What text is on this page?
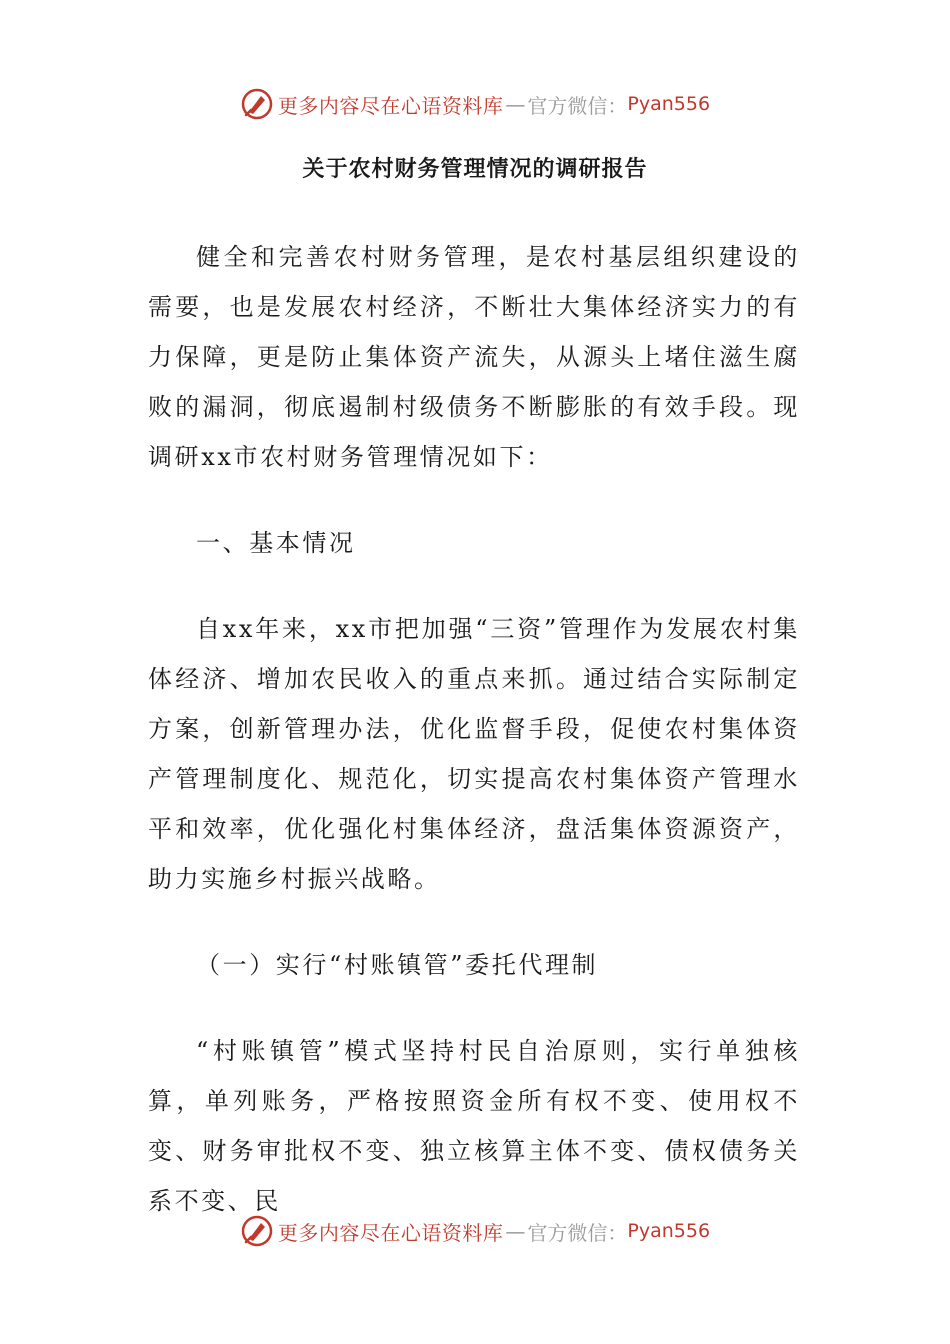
更多内容尽在心语资料库 — 官方微信： Pyan556
关于农村财务管理情况的调研报告

健全和完善农村财务管理，是农村基层组织建设的需要，也是发展农村经济，不断壮大集体经济实力的有力保障，更是防止集体资产流失，从源头上堵住滋生腐败的漏洞，彻底遏制村级债务不断膨胀的有效手段。现调研xx市农村财务管理情况如下：

一、基本情况

自xx年来，xx市把加强“三资”管理作为发展农村集体经济、增加农民收入的重点来抓。通过结合实际制定方案，创新管理办法，优化监督手段，促使农村集体资产管理制度化、规范化，切实提高农村集体资产管理水平和效率，优化强化村集体经济，盘活集体资源资产，助力实施乡村振兴战略。

（一）实行“村账镇管”委托代理制

“村账镇管”模式坚持村民自治原则，实行单独核算，单列账务，严格按照资金所有权不变、使用权不变、财务审批权不变、独立核算主体不变、债权债务关系不变、民

更多内容尽在心语资料库 — 官方微信： Pyan556
